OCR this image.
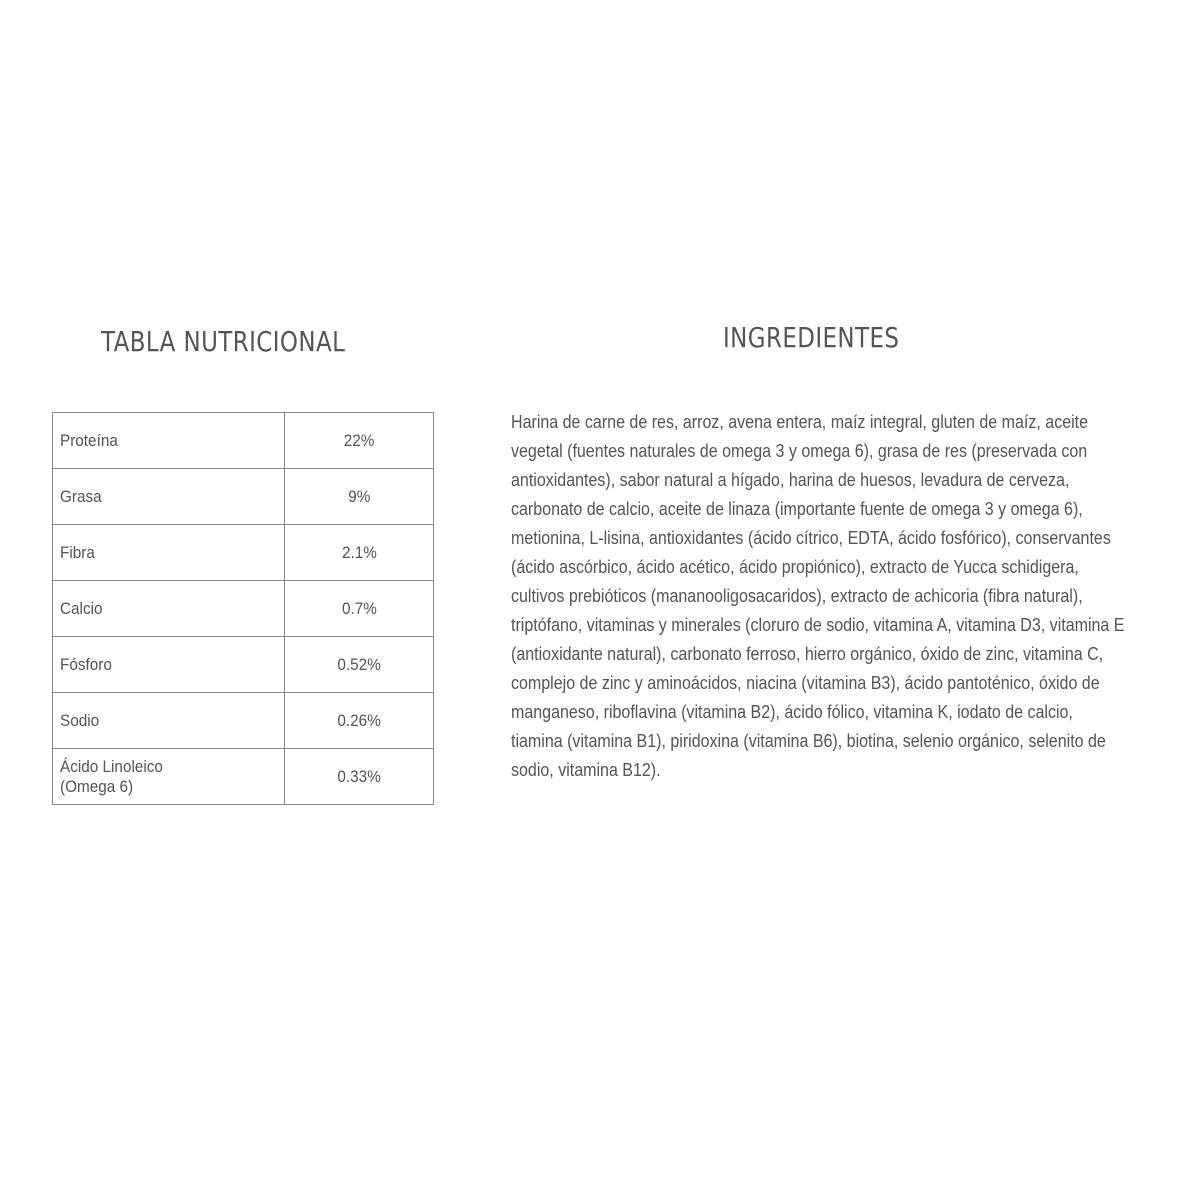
TABLA NUTRICIONAL
Proteína	22%
Grasa	9%
Fibra	2.1%
Calcio	0.7%
Fósforo	0.52%
Sodio	0.26%
Ácido Linoleico
(Omega 6)	0.33%
INGREDIENTES

Harina de carne de res, arroz, avena entera, maíz integral, gluten de maíz, aceite vegetal (fuentes naturales de omega 3 y omega 6), grasa de res (preservada con antioxidantes), sabor natural a hígado, harina de huesos, levadura de cerveza, carbonato de calcio, aceite de linaza (importante fuente de omega 3 y omega 6), metionina, L-lisina, antioxidantes (ácido cítrico, EDTA, ácido fosfórico), conservantes (ácido ascórbico, ácido acético, ácido propiónico), extracto de Yucca schidigera, cultivos prebióticos (mananooligosacaridos), extracto de achicoria (fibra natural), triptófano, vitaminas y minerales (cloruro de sodio, vitamina A, vitamina D3, vitamina E (antioxidante natural), carbonato ferroso, hierro orgánico, óxido de zinc, vitamina C, complejo de zinc y aminoácidos, niacina (vitamina B3), ácido pantoténico, óxido de manganeso, riboflavina (vitamina B2), ácido fólico, vitamina K, iodato de calcio, tiamina (vitamina B1), piridoxina (vitamina B6), biotina, selenio orgánico, selenito de sodio, vitamina B12).
